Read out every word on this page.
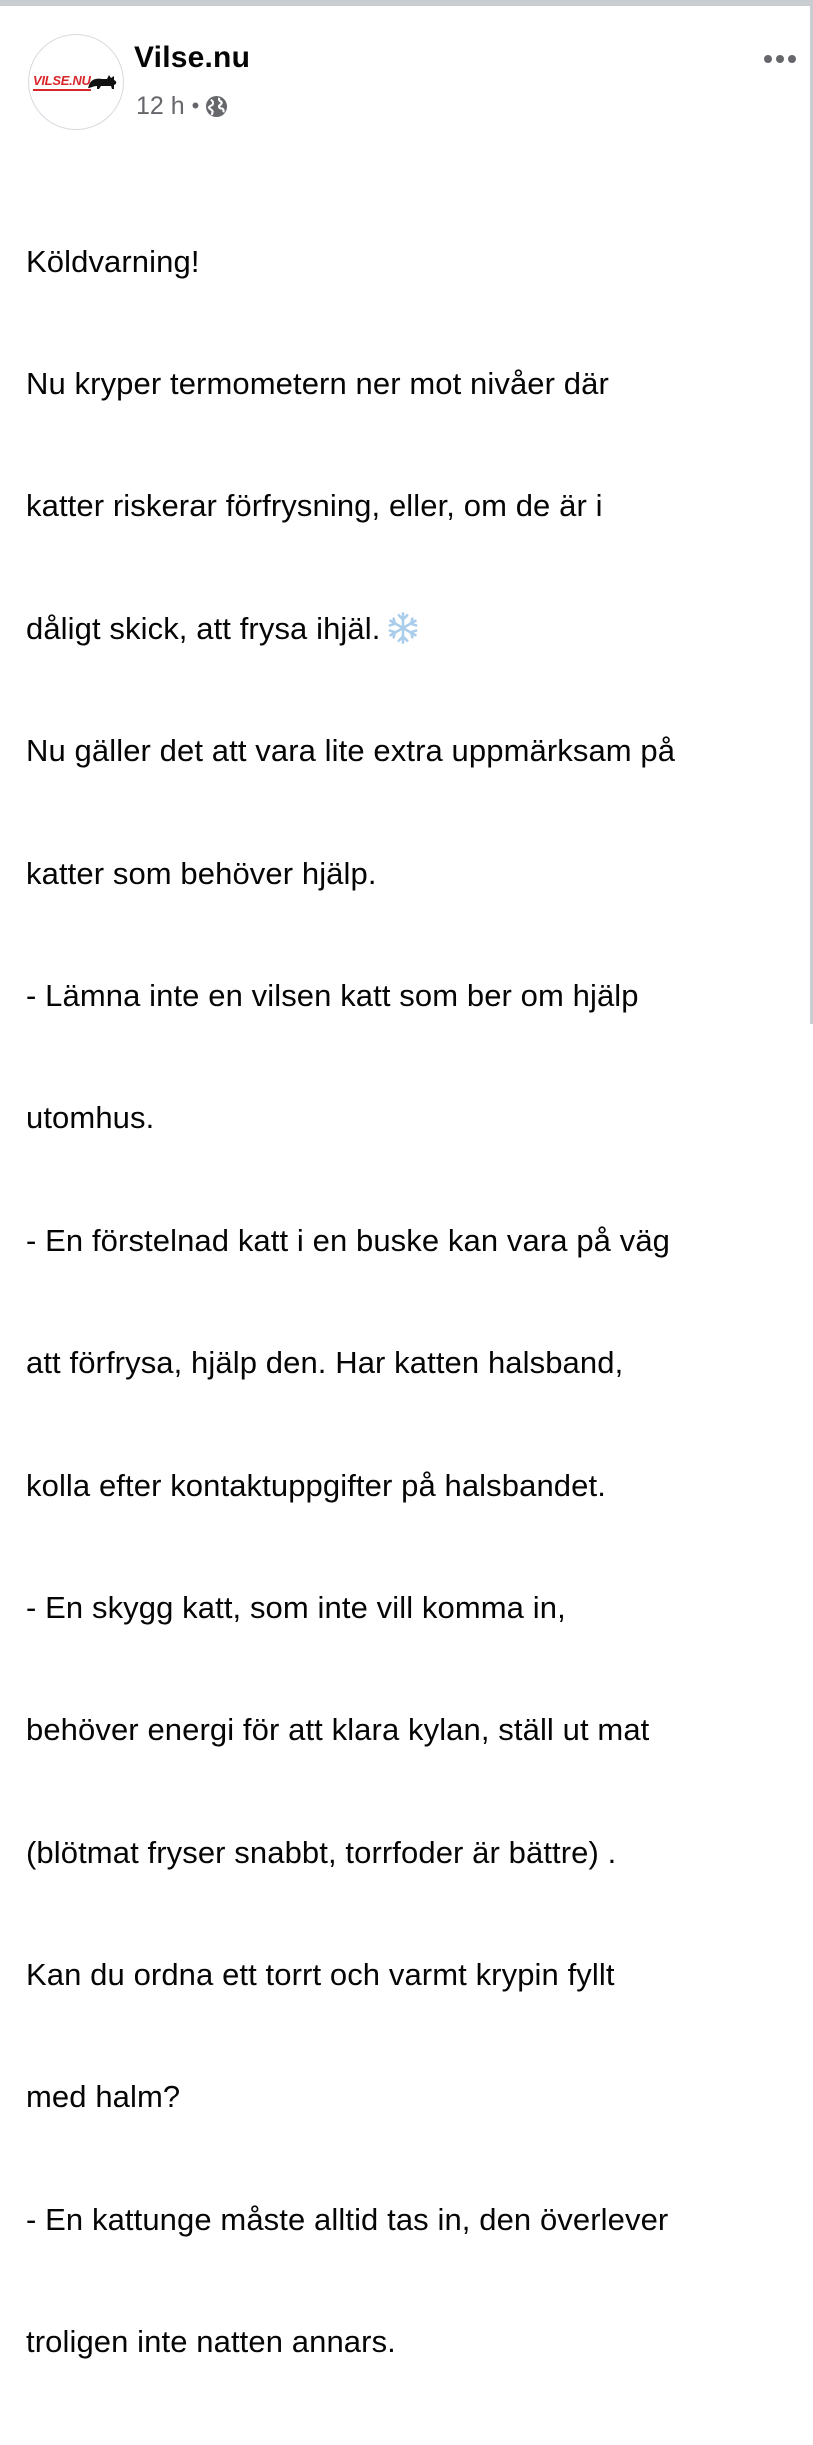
VILSE.NU
Vilse.nu
12 h •

Köldvarning!

Nu kryper termometern ner mot nivåer där

katter riskerar förfrysning, eller, om de är i

dåligt skick, att frysa ihjäl.

Nu gäller det att vara lite extra uppmärksam på

katter som behöver hjälp.

- Lämna inte en vilsen katt som ber om hjälp

utomhus.

- En förstelnad katt i en buske kan vara på väg

att förfrysa, hjälp den. Har katten halsband,

kolla efter kontaktuppgifter på halsbandet.

- En skygg katt, som inte vill komma in,

behöver energi för att klara kylan, ställ ut mat

(blötmat fryser snabbt, torrfoder är bättre) .

Kan du ordna ett torrt och varmt krypin fyllt

med halm?

- En kattunge måste alltid tas in, den överlever

troligen inte natten annars.
